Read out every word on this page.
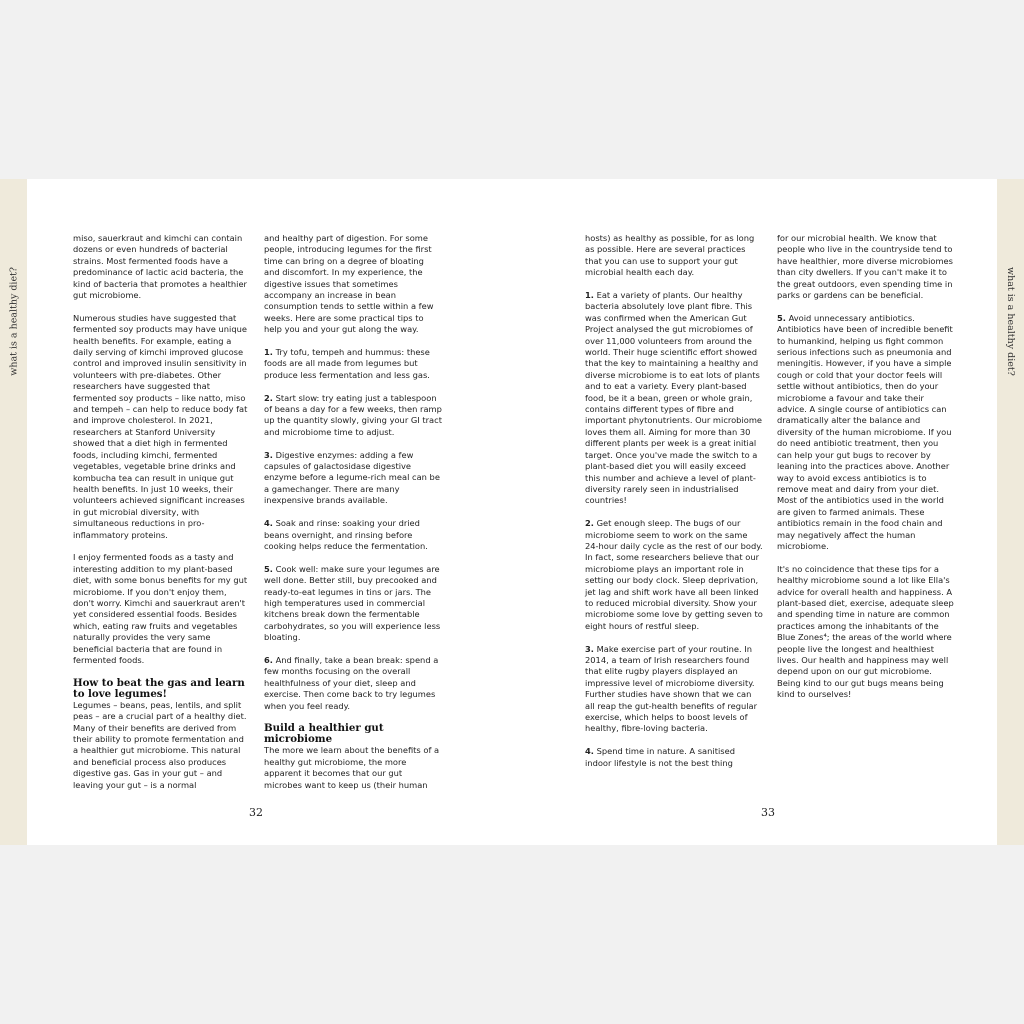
what is a healthy diet?	what is a healthy diet?

miso, sauerkraut and kimchi can contain dozens or even hundreds of bacterial strains. Most fermented foods have a predominance of lactic acid bacteria, the kind of bacteria that promotes a healthier gut microbiome.

Numerous studies have suggested that fermented soy products may have unique health benefits. For example, eating a daily serving of kimchi improved glucose control and improved insulin sensitivity in volunteers with pre-diabetes. Other researchers have suggested that fermented soy products – like natto, miso and tempeh – can help to reduce body fat and improve cholesterol. In 2021, researchers at Stanford University showed that a diet high in fermented foods, including kimchi, fermented vegetables, vegetable brine drinks and kombucha tea can result in unique gut health benefits. In just 10 weeks, their volunteers achieved significant increases in gut microbial diversity, with simultaneous reductions in pro-inflammatory proteins.

I enjoy fermented foods as a tasty and interesting addition to my plant-based diet, with some bonus benefits for my gut microbiome. If you don't enjoy them, don't worry. Kimchi and sauerkraut aren't yet considered essential foods. Besides which, eating raw fruits and vegetables naturally provides the very same beneficial bacteria that are found in fermented foods.

How to beat the gas and learn to love legumes!

Legumes – beans, peas, lentils, and split peas – are a crucial part of a healthy diet. Many of their benefits are derived from their ability to promote fermentation and a healthier gut microbiome. This natural and beneficial process also produces digestive gas. Gas in your gut – and leaving your gut – is a normal

and healthy part of digestion. For some people, introducing legumes for the first time can bring on a degree of bloating and discomfort. In my experience, the digestive issues that sometimes accompany an increase in bean consumption tends to settle within a few weeks. Here are some practical tips to help you and your gut along the way.

1. Try tofu, tempeh and hummus: these foods are all made from legumes but produce less fermentation and less gas.

2. Start slow: try eating just a tablespoon of beans a day for a few weeks, then ramp up the quantity slowly, giving your GI tract and microbiome time to adjust.

3. Digestive enzymes: adding a few capsules of galactosidase digestive enzyme before a legume-rich meal can be a gamechanger. There are many inexpensive brands available.

4. Soak and rinse: soaking your dried beans overnight, and rinsing before cooking helps reduce the fermentation.

5. Cook well: make sure your legumes are well done. Better still, buy precooked and ready-to-eat legumes in tins or jars. The high temperatures used in commercial kitchens break down the fermentable carbohydrates, so you will experience less bloating.

6. And finally, take a bean break: spend a few months focusing on the overall healthfulness of your diet, sleep and exercise. Then come back to try legumes when you feel ready.

Build a healthier gut microbiome

The more we learn about the benefits of a healthy gut microbiome, the more apparent it becomes that our gut microbes want to keep us (their human

hosts) as healthy as possible, for as long as possible. Here are several practices that you can use to support your gut microbial health each day.

1. Eat a variety of plants. Our healthy bacteria absolutely love plant fibre. This was confirmed when the American Gut Project analysed the gut microbiomes of over 11,000 volunteers from around the world. Their huge scientific effort showed that the key to maintaining a healthy and diverse microbiome is to eat lots of plants and to eat a variety. Every plant-based food, be it a bean, green or whole grain, contains different types of fibre and important phytonutrients. Our microbiome loves them all. Aiming for more than 30 different plants per week is a great initial target. Once you've made the switch to a plant-based diet you will easily exceed this number and achieve a level of plant-diversity rarely seen in industrialised countries!

2. Get enough sleep. The bugs of our microbiome seem to work on the same 24-hour daily cycle as the rest of our body. In fact, some researchers believe that our microbiome plays an important role in setting our body clock. Sleep deprivation, jet lag and shift work have all been linked to reduced microbial diversity. Show your microbiome some love by getting seven to eight hours of restful sleep.

3. Make exercise part of your routine. In 2014, a team of Irish researchers found that elite rugby players displayed an impressive level of microbiome diversity. Further studies have shown that we can all reap the gut-health benefits of regular exercise, which helps to boost levels of healthy, fibre-loving bacteria.

4. Spend time in nature. A sanitised indoor lifestyle is not the best thing

for our microbial health. We know that people who live in the countryside tend to have healthier, more diverse microbiomes than city dwellers. If you can't make it to the great outdoors, even spending time in parks or gardens can be beneficial.

5. Avoid unnecessary antibiotics. Antibiotics have been of incredible benefit to humankind, helping us fight common serious infections such as pneumonia and meningitis. However, if you have a simple cough or cold that your doctor feels will settle without antibiotics, then do your microbiome a favour and take their advice. A single course of antibiotics can dramatically alter the balance and diversity of the human microbiome. If you do need antibiotic treatment, then you can help your gut bugs to recover by leaning into the practices above. Another way to avoid excess antibiotics is to remove meat and dairy from your diet. Most of the antibiotics used in the world are given to farmed animals. These antibiotics remain in the food chain and may negatively affect the human microbiome.

It's no coincidence that these tips for a healthy microbiome sound a lot like Ella's advice for overall health and happiness. A plant-based diet, exercise, adequate sleep and spending time in nature are common practices among the inhabitants of the Blue Zones⁴; the areas of the world where people live the longest and healthiest lives. Our health and happiness may well depend upon on our gut microbiome. Being kind to our gut bugs means being kind to ourselves!

32	33
